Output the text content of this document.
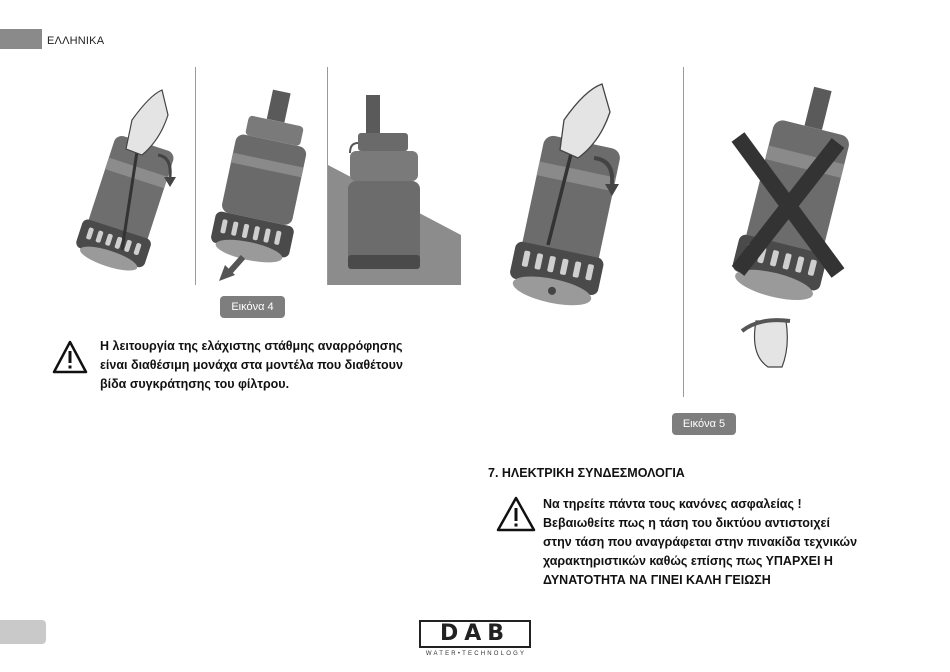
ΕΛΛΗΝΙΚΑ
Εικόνα 4
Η λειτουργία της ελάχιστης στάθμης αναρρόφησης
είναι διαθέσιμη μονάχα στα μοντέλα που διαθέτουν
βίδα συγκράτησης του φίλτρου.
Εικόνα 5
7. ΗΛΕΚΤΡΙΚΗ ΣΥΝΔΕΣΜΟΛΟΓΙΑ
Να τηρείτε πάντα τους κανόνες ασφαλείας !
Βεβαιωθείτε πως η τάση του δικτύου αντιστοιχεί
στην τάση που αναγράφεται στην πινακίδα τεχνικών
χαρακτηριστικών καθώς επίσης πως ΥΠΑΡΧΕΙ Η
ΔΥΝΑΤΟΤΗΤΑ ΝΑ ΓΙΝΕΙ ΚΑΛΗ ΓΕΙΩΣΗ
DAB
WATER•TECHNOLOGY
